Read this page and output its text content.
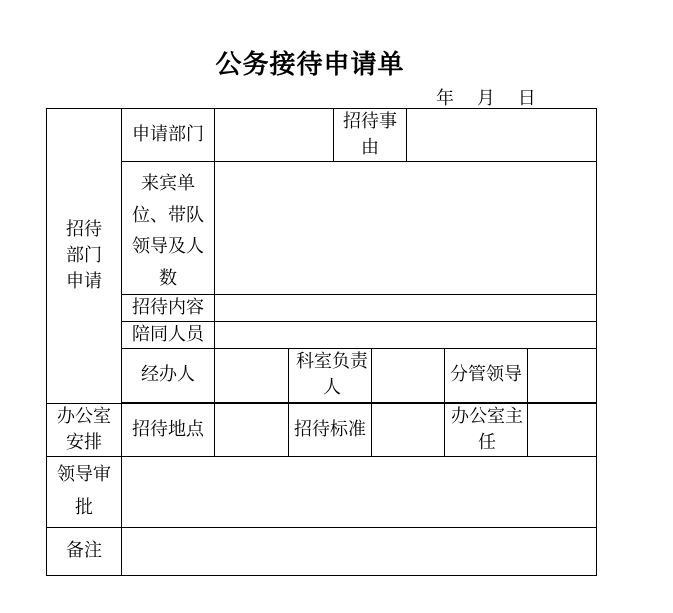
公务接待申请单
年    月    日
招待部门申请	申请部门			招待事由				
	来宾单位、带队领导及人数							
	招待内容							
	陪同人员							
	经办人		科室负责人				分管领导	

办公室安排	招待地点		招待标准				办公室主任	
领导审批								
备注								
